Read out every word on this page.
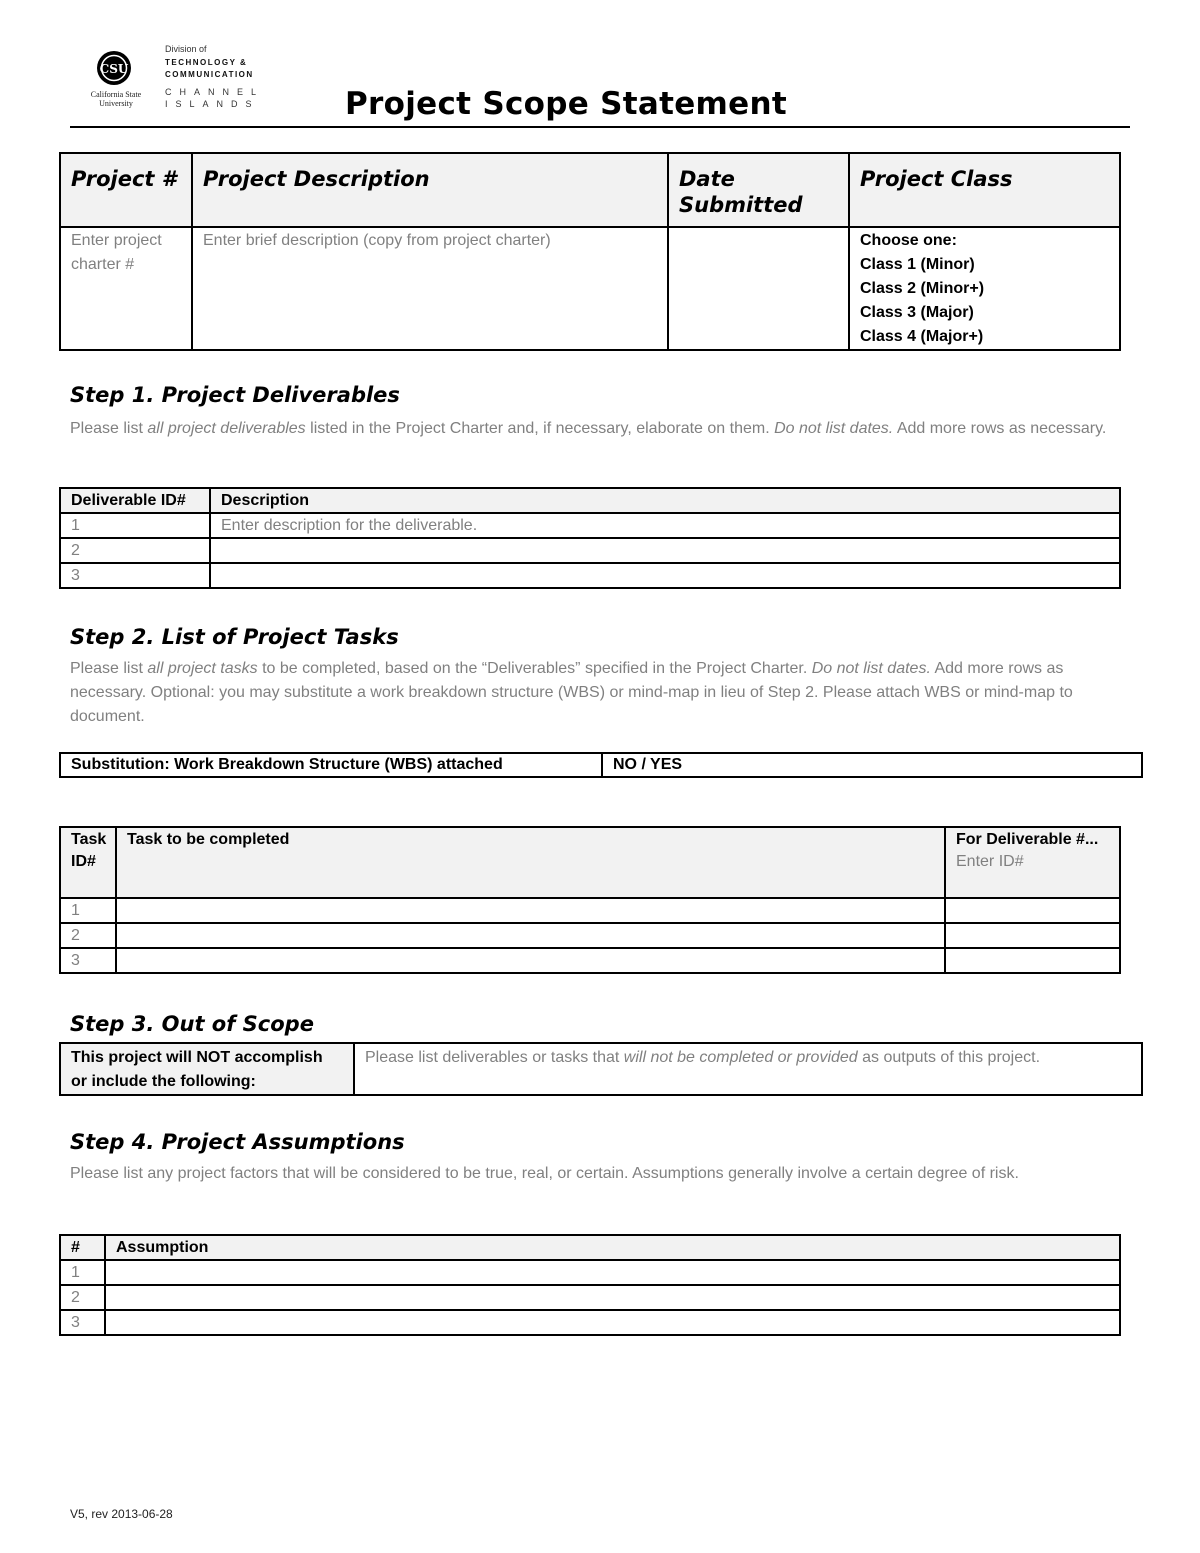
CSU
California State University
Division of
TECHNOLOGY &
COMMUNICATION
CHANNEL
ISLANDS	Project Scope Statement
Project #	Project Description	Date Submitted	Project Class
Enter project charter #	Enter brief description (copy from project charter)		Choose one:
Class 1 (Minor)
Class 2 (Minor+)
Class 3 (Major)
Class 4 (Major+)
Step 1. Project Deliverables
Please list all project deliverables listed in the Project Charter and, if necessary, elaborate on them. Do not list dates. Add more rows as necessary.
Deliverable ID#	Description
1	Enter description for the deliverable.
2	
3	
Step 2. List of Project Tasks
Please list all project tasks to be completed, based on the “Deliverables” specified in the Project Charter. Do not list dates. Add more rows as necessary. Optional: you may substitute a work breakdown structure (WBS) or mind-map in lieu of Step 2. Please attach WBS or mind-map to document.
Substitution: Work Breakdown Structure (WBS) attached	NO / YES
Task ID#	Task to be completed	For Deliverable #...
Enter ID#

1		
2		
3		
Step 3. Out of Scope
This project will NOT accomplish or include the following:	Please list deliverables or tasks that will not be completed or provided as outputs of this project.
Step 4. Project Assumptions
Please list any project factors that will be considered to be true, real, or certain. Assumptions generally involve a certain degree of risk.
#	Assumption
1	
2	
3	
V5, rev 2013-06-28
